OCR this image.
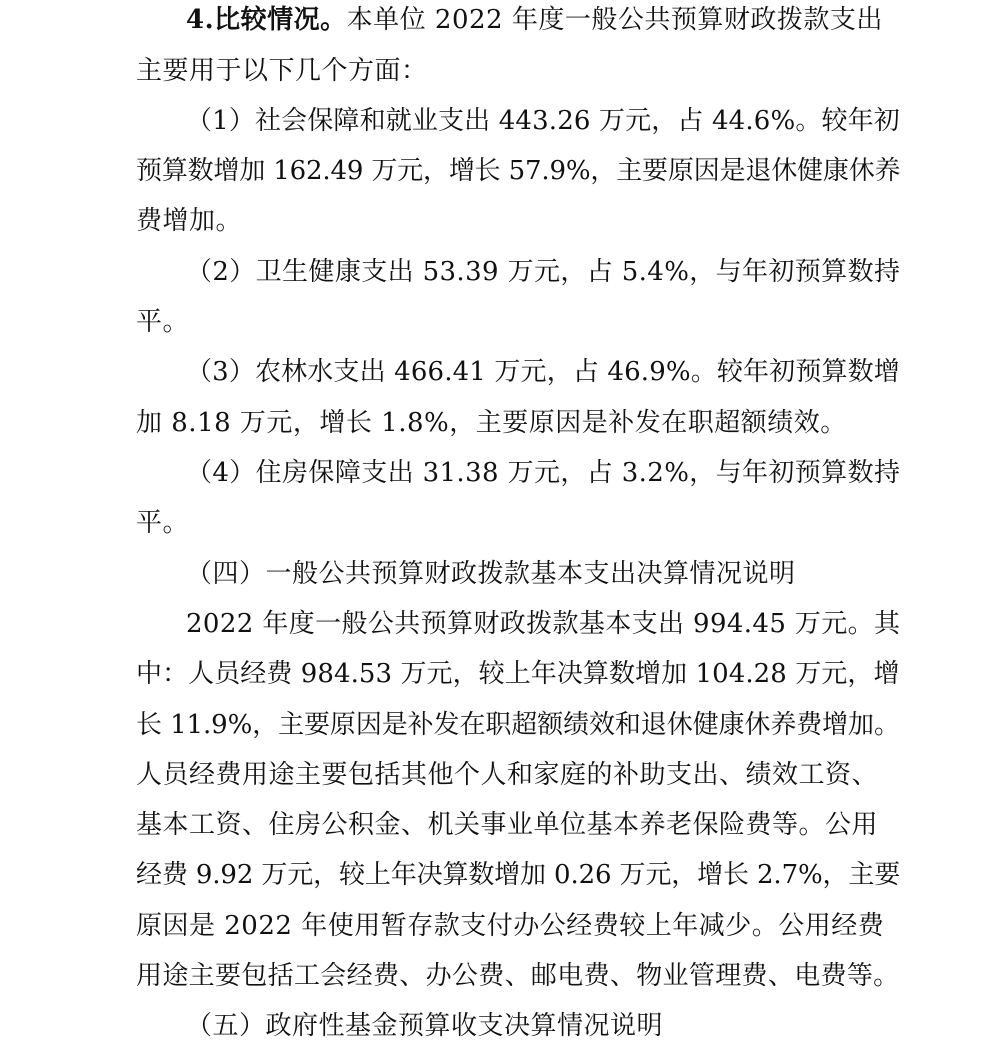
4.比较情况。本单位 2022 年度一般公共预算财政拨款支出
主要用于以下几个方面：
（1）社会保障和就业支出 443.26 万元，占 44.6%。较年初
预算数增加 162.49 万元，增长 57.9%，主要原因是退休健康休养
费增加。
（2）卫生健康支出 53.39 万元，占 5.4%，与年初预算数持
平。
（3）农林水支出 466.41 万元，占 46.9%。较年初预算数增
加 8.18 万元，增长 1.8%，主要原因是补发在职超额绩效。
（4）住房保障支出 31.38 万元，占 3.2%，与年初预算数持
平。
（四）一般公共预算财政拨款基本支出决算情况说明
2022 年度一般公共预算财政拨款基本支出 994.45 万元。其
中：人员经费 984.53 万元，较上年决算数增加 104.28 万元，增
长 11.9%，主要原因是补发在职超额绩效和退休健康休养费增加。
人员经费用途主要包括其他个人和家庭的补助支出、绩效工资、
基本工资、住房公积金、机关事业单位基本养老保险费等。公用
经费 9.92 万元，较上年决算数增加 0.26 万元，增长 2.7%，主要
原因是 2022 年使用暂存款支付办公经费较上年减少。公用经费
用途主要包括工会经费、办公费、邮电费、物业管理费、电费等。
（五）政府性基金预算收支决算情况说明
